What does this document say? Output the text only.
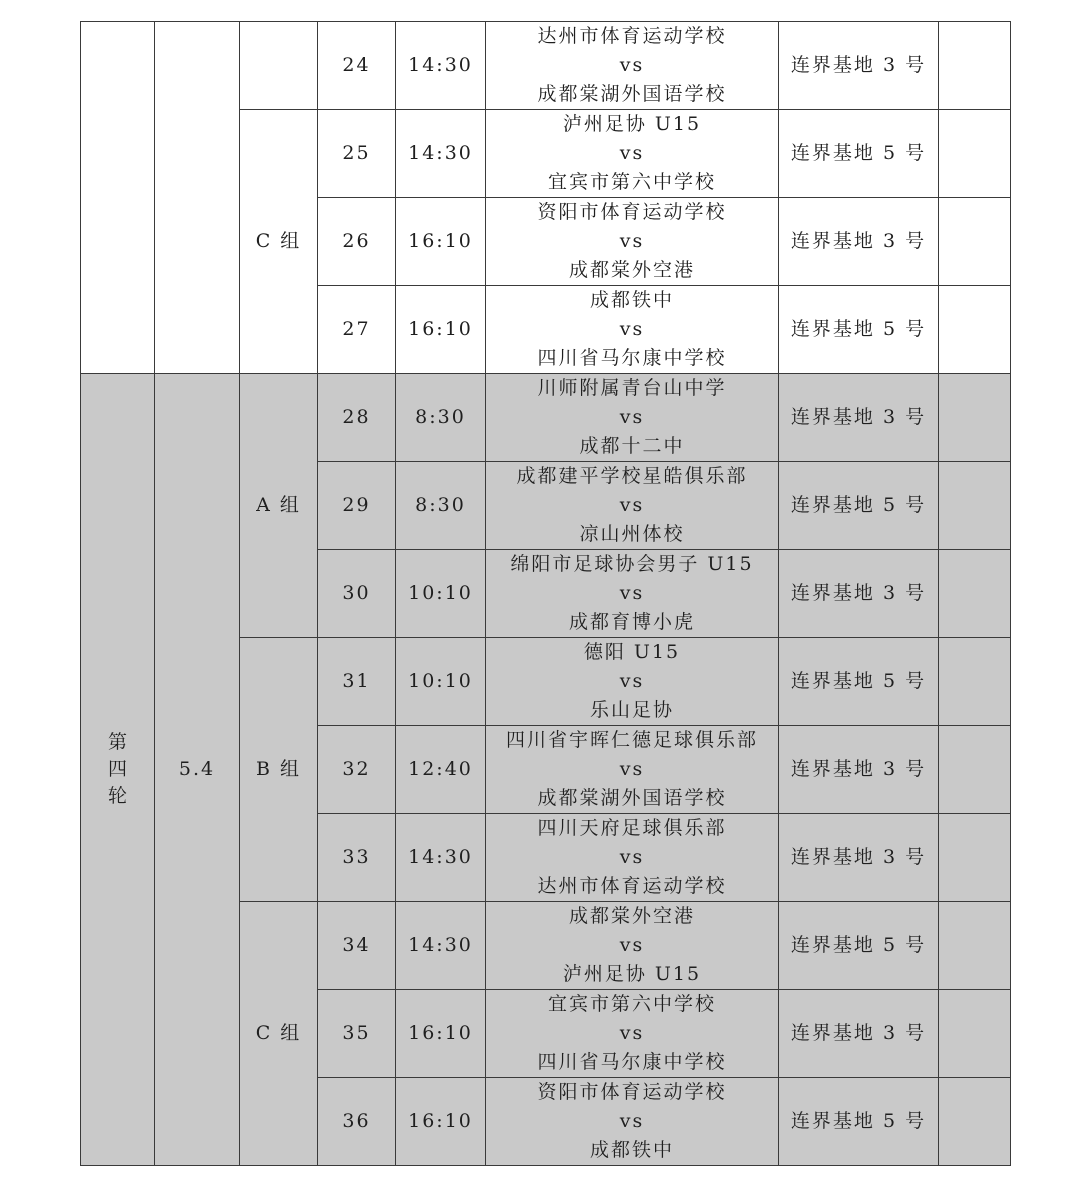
			24	14:30	达州市体育运动学校
vs
成都棠湖外国语学校	连界基地 3 号	
		C 组	25	14:30	泸州足协 U15
vs
宜宾市第六中学校	连界基地 5 号	
			26	16:10	资阳市体育运动学校
vs
成都棠外空港	连界基地 3 号	
			27	16:10	成都铁中
vs
四川省马尔康中学校	连界基地 5 号	
第四轮	5.4	A 组	28	8:30	川师附属青台山中学
vs
成都十二中	连界基地 3 号	
			29	8:30	成都建平学校星皓俱乐部
vs
凉山州体校	连界基地 5 号	
			30	10:10	绵阳市足球协会男子 U15
vs
成都育博小虎	连界基地 3 号	
		B 组	31	10:10	德阳 U15
vs
乐山足协	连界基地 5 号	
			32	12:40	四川省宇晖仁德足球俱乐部
vs
成都棠湖外国语学校	连界基地 3 号	
			33	14:30	四川天府足球俱乐部
vs
达州市体育运动学校	连界基地 3 号	
		C 组	34	14:30	成都棠外空港
vs
泸州足协 U15	连界基地 5 号	
			35	16:10	宜宾市第六中学校
vs
四川省马尔康中学校	连界基地 3 号	
			36	16:10	资阳市体育运动学校
vs
成都铁中	连界基地 5 号	
